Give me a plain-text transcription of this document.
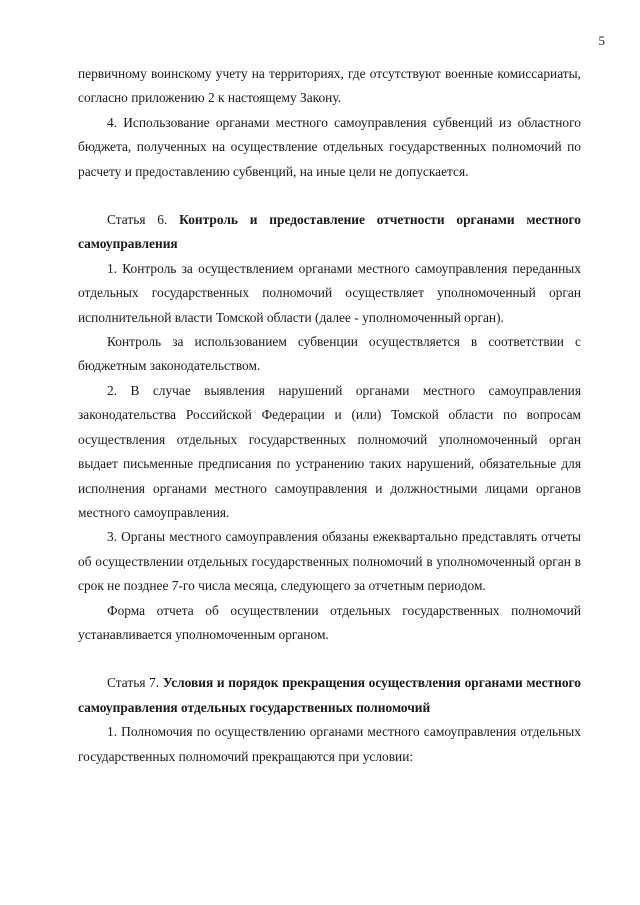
5

первичному воинскому учету на территориях, где отсутствуют военные комиссариаты, согласно приложению 2 к настоящему Закону.

4. Использование органами местного самоуправления субвенций из областного бюджета, полученных на осуществление отдельных государственных полномочий по расчету и предоставлению субвенций, на иные цели не допускается.

Статья 6. Контроль и предоставление отчетности органами местного самоуправления

1. Контроль за осуществлением органами местного самоуправления переданных отдельных государственных полномочий осуществляет уполномоченный орган исполнительной власти Томской области (далее - уполномоченный орган).

Контроль за использованием субвенции осуществляется в соответствии с бюджетным законодательством.

2. В случае выявления нарушений органами местного самоуправления законодательства Российской Федерации и (или) Томской области по вопросам осуществления отдельных государственных полномочий уполномоченный орган выдает письменные предписания по устранению таких нарушений, обязательные для исполнения органами местного самоуправления и должностными лицами органов местного самоуправления.

3. Органы местного самоуправления обязаны ежеквартально представлять отчеты об осуществлении отдельных государственных полномочий в уполномоченный орган в срок не позднее 7-го числа месяца, следующего за отчетным периодом.

Форма отчета об осуществлении отдельных государственных полномочий устанавливается уполномоченным органом.

Статья 7. Условия и порядок прекращения осуществления органами местного самоуправления отдельных государственных полномочий

1. Полномочия по осуществлению органами местного самоуправления отдельных государственных полномочий прекращаются при условии:
